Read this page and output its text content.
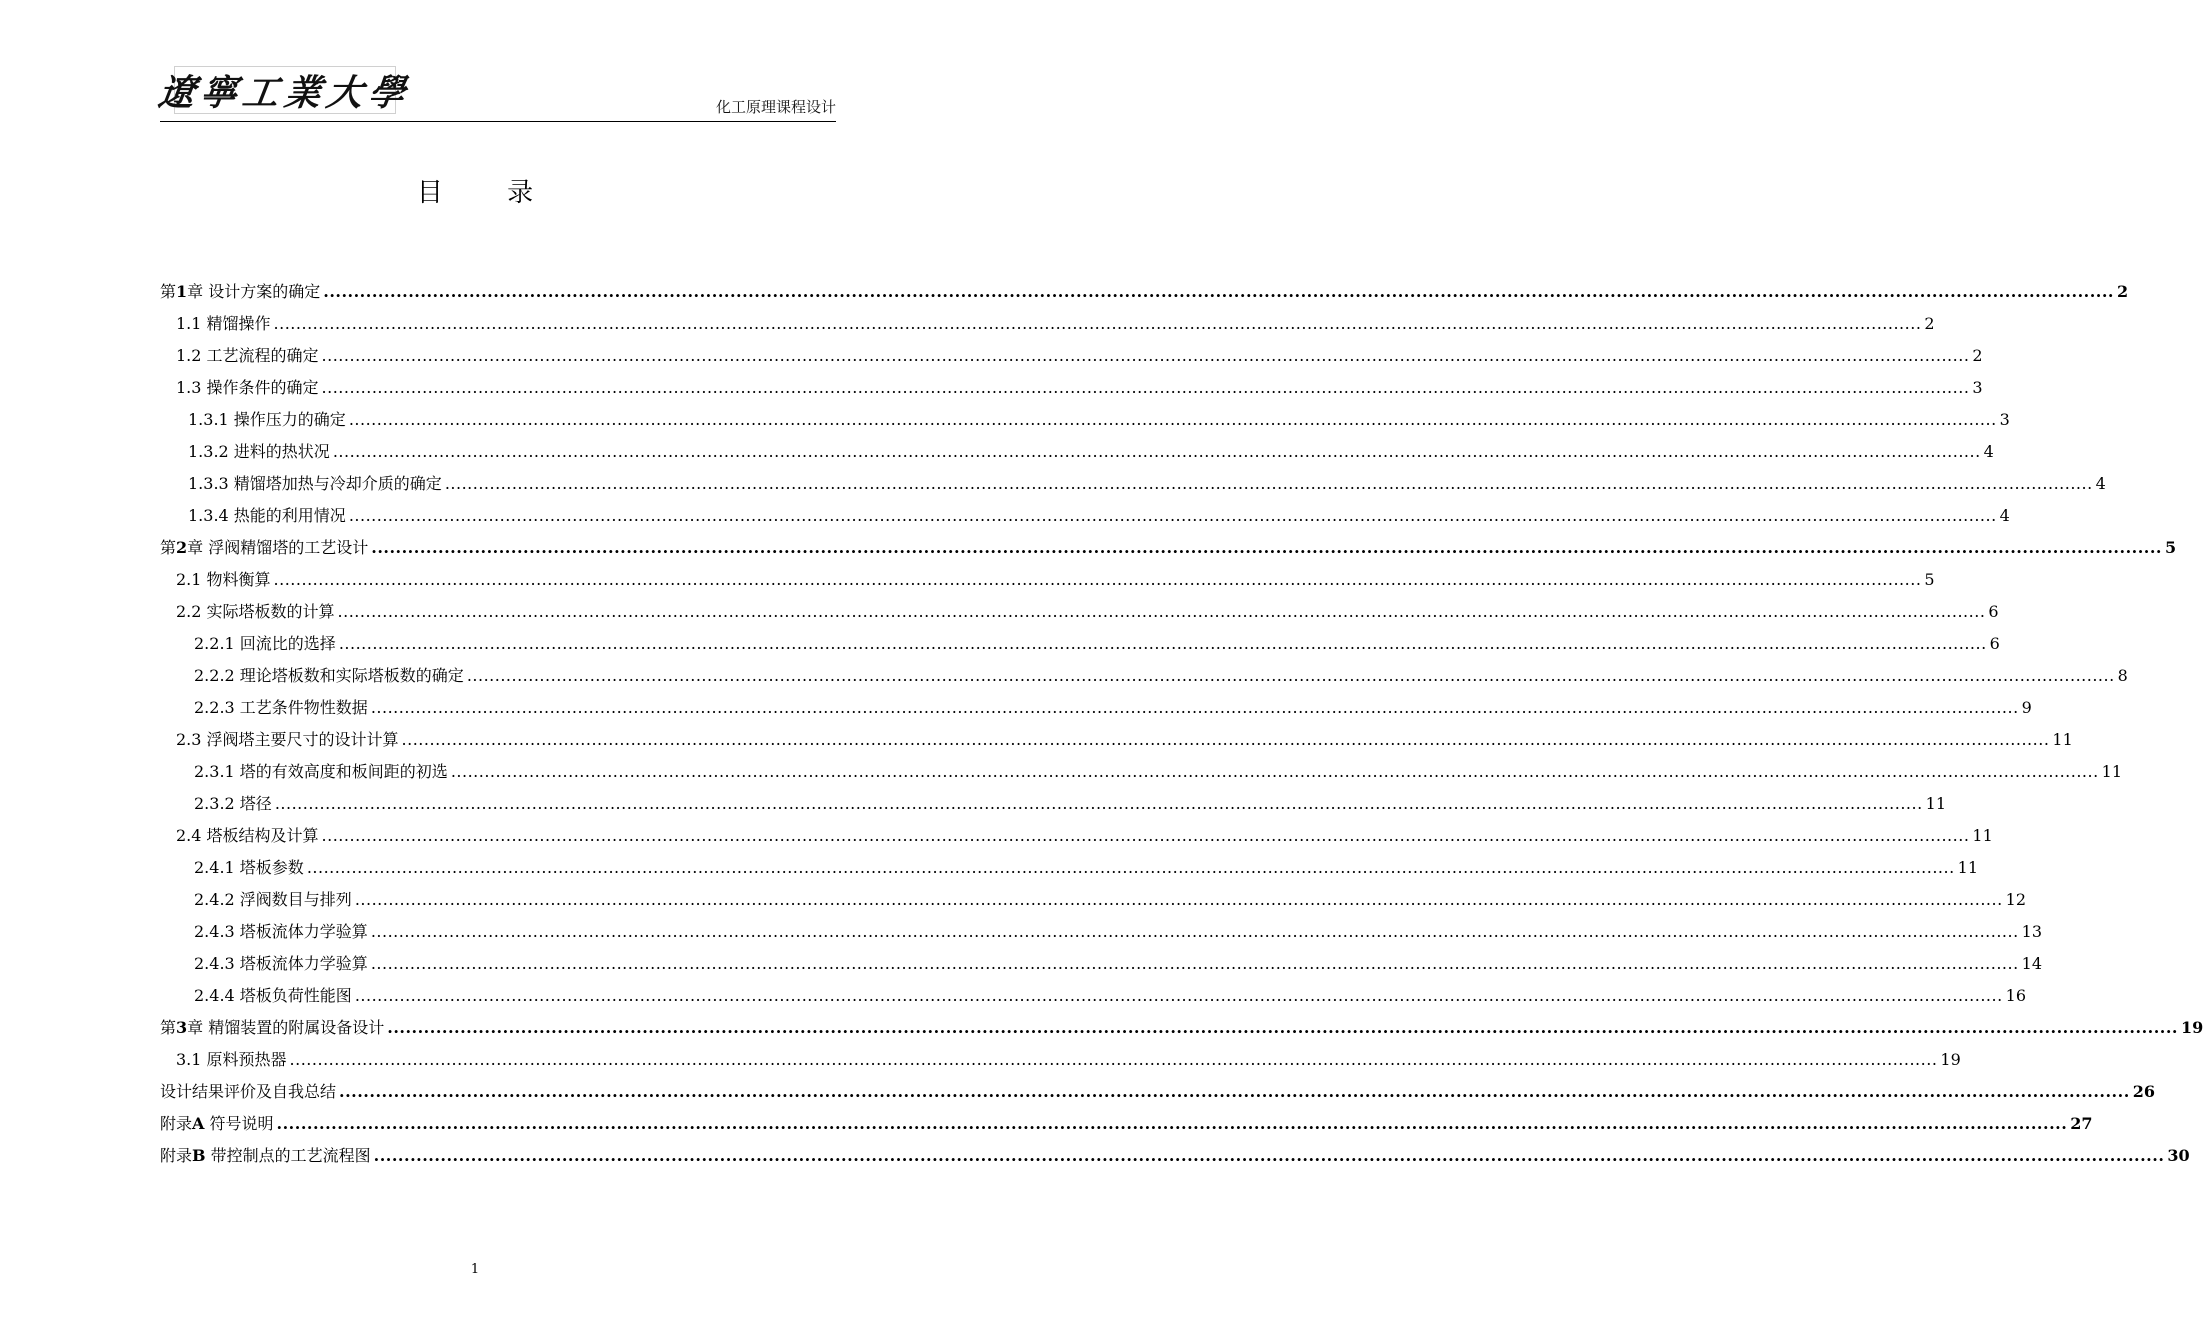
遼寧工業大學	化工原理课程设计
目 录
第1章 设计方案的确定 .....	2
1.1 精馏操作 .....	2
1.2 工艺流程的确定 .....	2
1.3 操作条件的确定 .....	3
1.3.1 操作压力的确定 .....	3
1.3.2 进料的热状况 .....	4
1.3.3 精馏塔加热与冷却介质的确定 .....	4
1.3.4 热能的利用情况 .....	4
第2章 浮阀精馏塔的工艺设计 .....	5
2.1 物料衡算 .....	5
2.2 实际塔板数的计算 .....	6
2.2.1 回流比的选择 .....	6
2.2.2 理论塔板数和实际塔板数的确定 .....	8
2.2.3 工艺条件物性数据 .....	9
2.3 浮阀塔主要尺寸的设计计算 .....	11
2.3.1 塔的有效高度和板间距的初选 .....	11
2.3.2 塔径 .....	11
2.4 塔板结构及计算 .....	11
2.4.1 塔板参数 .....	11
2.4.2 浮阀数目与排列 .....	12
2.4.3 塔板流体力学验算 .....	13
2.4.3 塔板流体力学验算 .....	14
2.4.4 塔板负荷性能图 .....	16
第3章 精馏装置的附属设备设计 .....	19
3.1 原料预热器 .....	19
设计结果评价及自我总结 .....	26
附录A 符号说明 .....	27
附录B 带控制点的工艺流程图 .....	30
1
